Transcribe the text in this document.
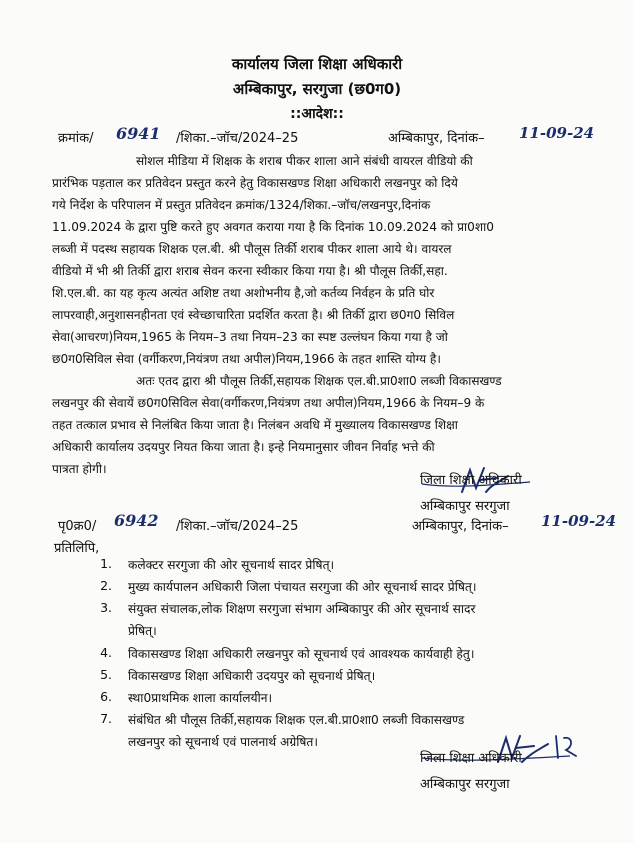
कार्यालय जिला शिक्षा अधिकारी
अम्बिकापुर, सरगुजा (छ0ग0)
::आदेश::
क्रमांक/ 6941 /शिका.–जॉच/2024–25	अम्बिकापुर, दिनांक– 11-09-24
सोशल मीडिया में शिक्षक के शराब पीकर शाला आने संबंधी वायरल वीडियो की
प्रारंभिक पड़ताल कर प्रतिवेदन प्रस्तुत करने हेतु विकासखण्ड शिक्षा अधिकारी लखनपुर को दिये
गये निर्देश के परिपालन में प्रस्तुत प्रतिवेदन क्रमांक/1324/शिका.–जॉच/लखनपुर,दिनांक
11.09.2024 के द्वारा पुष्टि करते हुए अवगत कराया गया है कि दिनांक 10.09.2024 को प्रा0शा0
लब्जी में पदस्थ सहायक शिक्षक एल.बी. श्री पौलूस तिर्की शराब पीकर शाला आये थे। वायरल
वीडियो में भी श्री तिर्की द्वारा शराब सेवन करना स्वीकार किया गया है। श्री पौलूस तिर्की,सहा.
शि.एल.बी. का यह कृत्य अत्यंत अशिष्ट तथा अशोभनीय है,जो कर्तव्य निर्वहन के प्रति घोर
लापरवाही,अनुशासनहीनता एवं स्वेच्छाचारिता प्रदर्शित करता है। श्री तिर्की द्वारा छ0ग0 सिविल
सेवा(आचरण)नियम,1965 के नियम–3 तथा नियम–23 का स्पष्ट उल्लंघन किया गया है जो
छ0ग0सिविल सेवा (वर्गीकरण,नियंत्रण तथा अपील)नियम,1966 के तहत शास्ति योग्य है।
अतः एतद द्वारा श्री पौलूस तिर्की,सहायक शिक्षक एल.बी.प्रा0शा0 लब्जी विकासखण्ड
लखनपुर की सेवायें छ0ग0सिविल सेवा(वर्गीकरण,नियंत्रण तथा अपील)नियम,1966 के नियम–9 के
तहत तत्काल प्रभाव से निलंबित किया जाता है। निलंबन अवधि में मुख्यालय विकासखण्ड शिक्षा
अधिकारी कार्यालय उदयपुर नियत किया जाता है। इन्हे नियमानुसार जीवन निर्वाह भत्ते की
पात्रता होगी।
जिला शिक्षा अधिकारी
अम्बिकापुर सरगुजा
पृ0क्र0/ 6942 /शिका.–जॉच/2024–25	अम्बिकापुर, दिनांक– 11-09-24
प्रतिलिपि,
1. कलेक्टर सरगुजा की ओर सूचनार्थ सादर प्रेषित्।
2. मुख्य कार्यपालन अधिकारी जिला पंचायत सरगुजा की ओर सूचनार्थ सादर प्रेषित्।
3. संयुक्त संचालक,लोक शिक्षण सरगुजा संभाग अम्बिकापुर की ओर सूचनार्थ सादर
प्रेषित्।
4. विकासखण्ड शिक्षा अधिकारी लखनपुर को सूचनार्थ एवं आवश्यक कार्यवाही हेतु।
5. विकासखण्ड शिक्षा अधिकारी उदयपुर को सूचनार्थ प्रेषित्।
6. स्था0प्राथमिक शाला कार्यालयीन।
7. संबंधित श्री पौलूस तिर्की,सहायक शिक्षक एल.बी.प्रा0शा0 लब्जी विकासखण्ड
लखनपुर को सूचनार्थ एवं पालनार्थ अग्रेषित।
जिला शिक्षा अधिकारी
अम्बिकापुर सरगुजा
